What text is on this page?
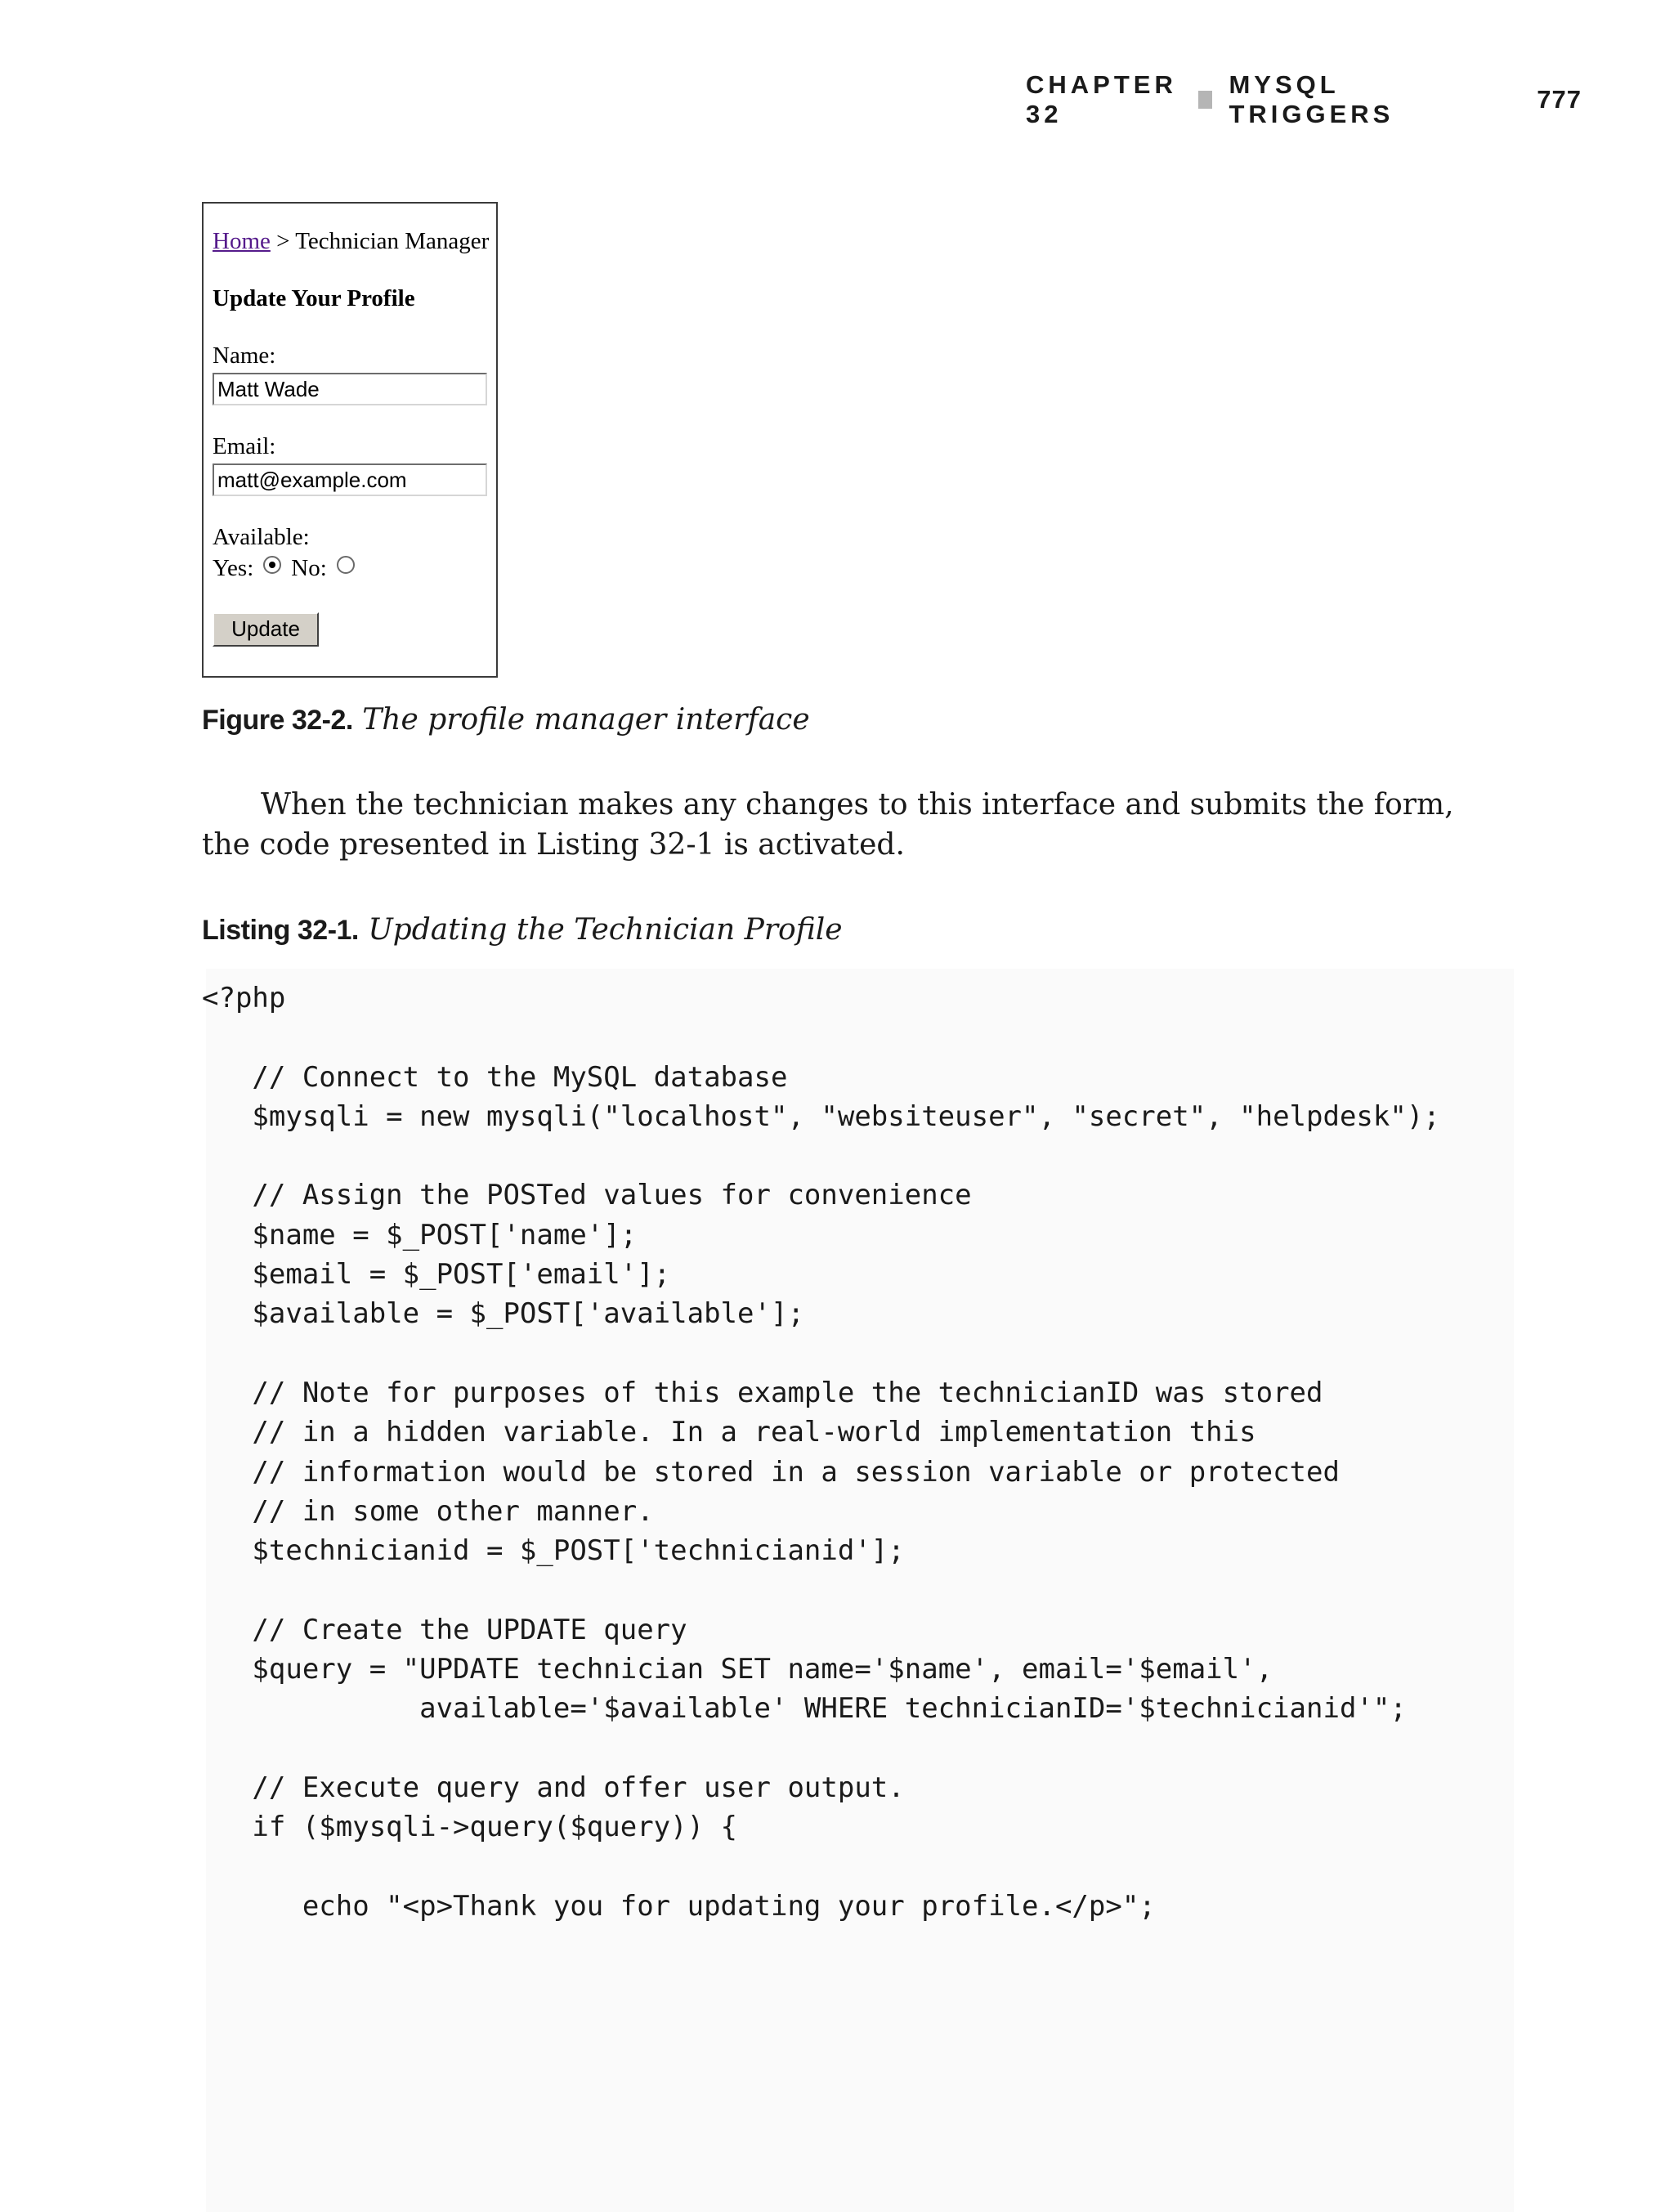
CHAPTER 32
MYSQL TRIGGERS
777
Home > Technician Manager
Update Your Profile
Name:
Matt Wade
Email:
matt@example.com
Available:
Yes: No:
Update
Figure 32-2. The profile manager interface

When the technician makes any changes to this interface and submits the form, the code presented in Listing 32-1 is activated.

Listing 32-1. Updating the Technician Profile
<?php

// Connect to the MySQL database
$mysqli = new mysqli("localhost", "websiteuser", "secret", "helpdesk");

// Assign the POSTed values for convenience
$name = $_POST['name'];
$email = $_POST['email'];
$available = $_POST['available'];

// Note for purposes of this example the technicianID was stored
// in a hidden variable. In a real-world implementation this
// information would be stored in a session variable or protected
// in some other manner.
$technicianid = $_POST['technicianid'];

// Create the UPDATE query
$query = "UPDATE technician SET name='$name', email='$email',
available='$available' WHERE technicianID='$technicianid'";

// Execute query and offer user output.
if ($mysqli->query($query)) {

echo "<p>Thank you for updating your profile.</p>";
